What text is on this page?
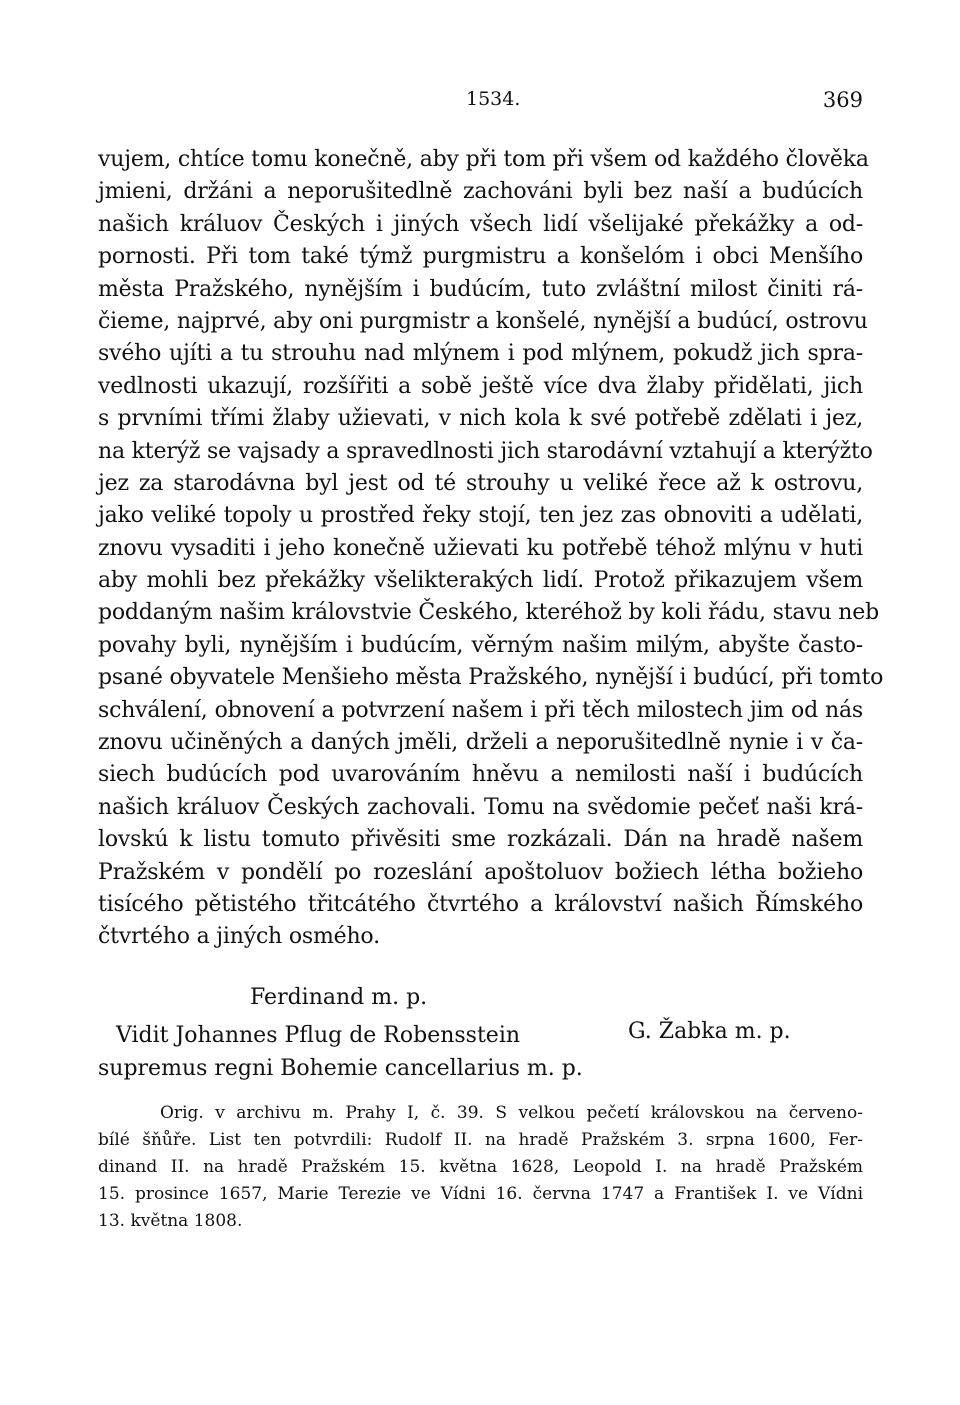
1534.	369
vujem, chtíce tomu konečně, aby při tom při všem od každého člověka
jmieni, držáni a neporušitedlně zachováni byli bez naší a budúcích
našich králuov Českých i jiných všech lidí všelijaké překážky a od-
pornosti. Při tom také týmž purgmistru a konšelóm i obci Menšího
města Pražského, nynějším i budúcím, tuto zvláštní milost činiti rá-
čieme, najprvé, aby oni purgmistr a konšelé, nynější a budúcí, ostrovu
svého ujíti a tu strouhu nad mlýnem i pod mlýnem, pokudž jich spra-
vedlnosti ukazují, rozšířiti a sobě ještě více dva žlaby přidělati, jich
s prvními třími žlaby užievati, v nich kola k své potřebě zdělati i jez,
na kterýž se vajsady a spravedlnosti jich starodávní vztahují a kterýžto
jez za starodávna byl jest od té strouhy u veliké řece až k ostrovu,
jako veliké topoly u prostřed řeky stojí, ten jez zas obnoviti a udělati,
znovu vysaditi i jeho konečně užievati ku potřebě téhož mlýnu v huti
aby mohli bez překážky všelikterakých lidí. Protož přikazujem všem
poddaným našim královstvie Českého, kteréhož by koli řádu, stavu neb
povahy byli, nynějším i budúcím, věrným našim milým, abyšte často-
psané obyvatele Menšieho města Pražského, nynější i budúcí, při tomto
schválení, obnovení a potvrzení našem i při těch milostech jim od nás
znovu učiněných a daných jměli, drželi a neporušitedlně nynie i v ča-
siech budúcích pod uvarováním hněvu a nemilosti naší i budúcích
našich králuov Českých zachovali. Tomu na svědomie pečeť naši krá-
lovskú k listu tomuto přivěsiti sme rozkázali. Dán na hradě našem
Pražském v pondělí po rozeslání apoštoluov božiech létha božieho
tisícého pětistého třitcátého čtvrtého a království našich Římského
čtvrtého a jiných osmého.
Ferdinand m. p.
Vidit Johannes Pflug de Robensstein
supremus regni Bohemie cancellarius m. p.
G. Žabka m. p.
Orig. v archivu m. Prahy I, č. 39. S velkou pečetí královskou na červeno-
bílé šňůře. List ten potvrdili: Rudolf II. na hradě Pražském 3. srpna 1600, Fer-
dinand II. na hradě Pražském 15. května 1628, Leopold I. na hradě Pražském
15. prosince 1657, Marie Terezie ve Vídni 16. června 1747 a František I. ve Vídni
13. května 1808.
